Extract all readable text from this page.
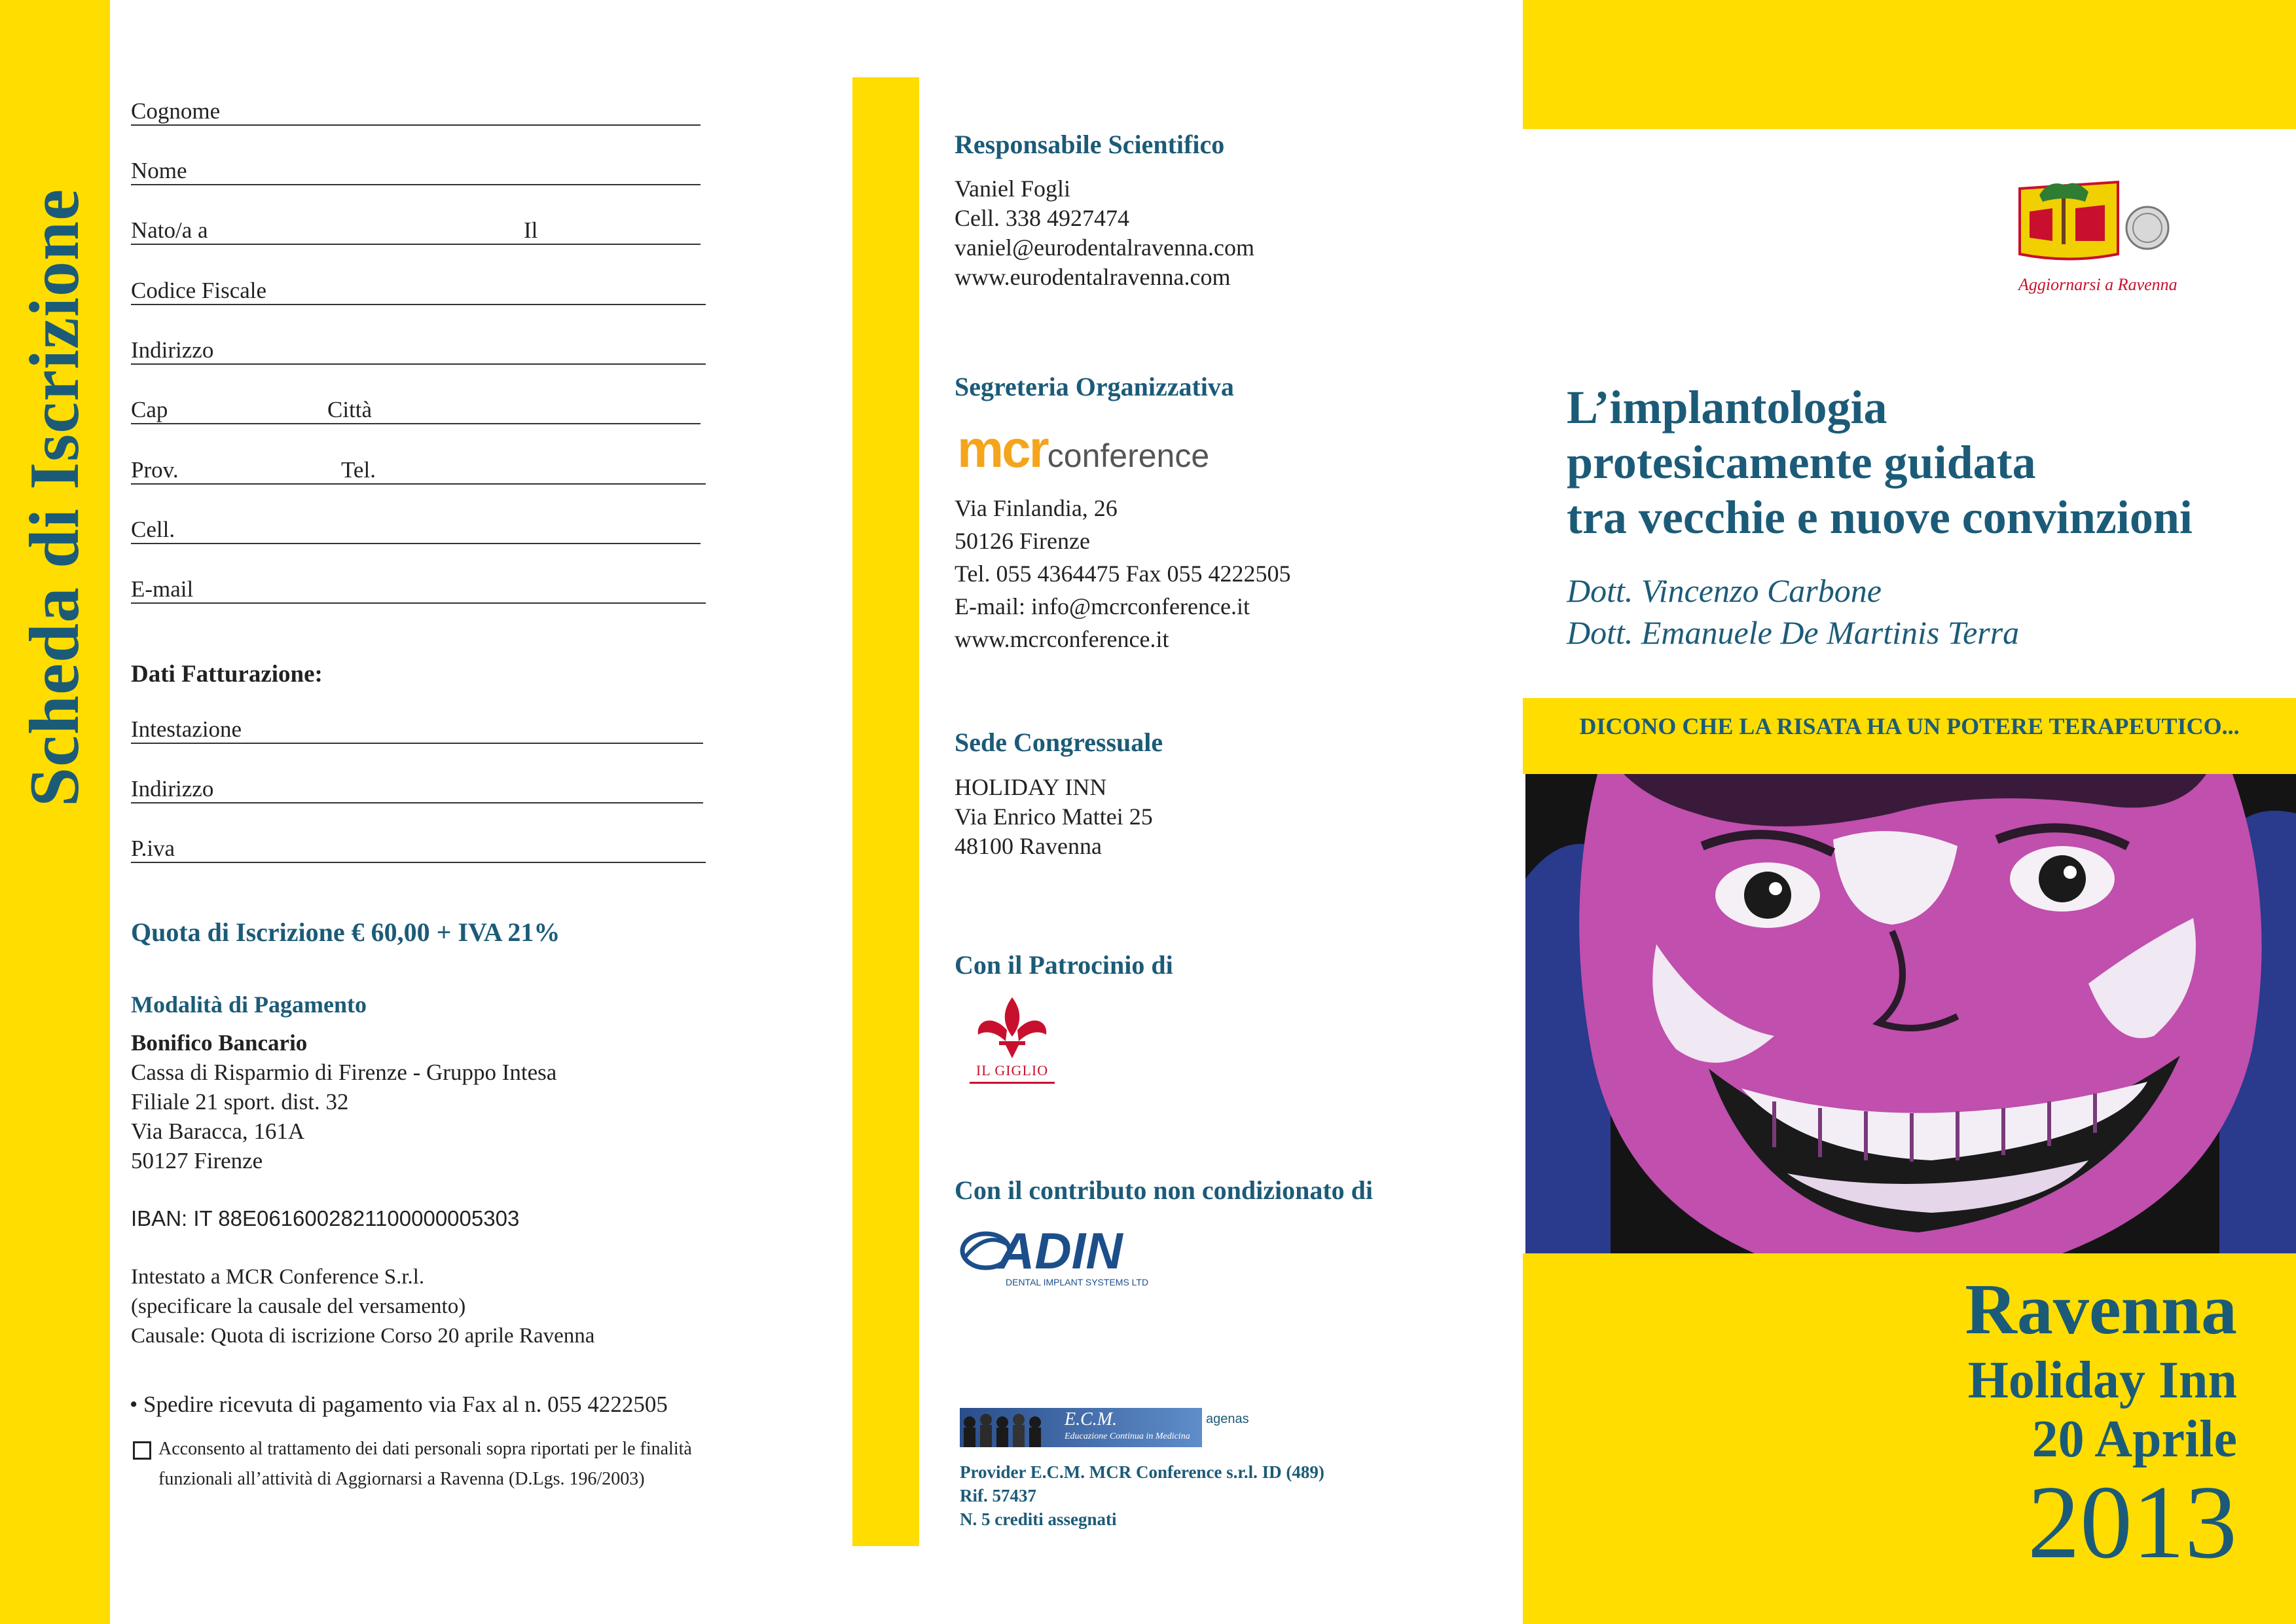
Scheda di Iscrizione
Cognome
Nome
Nato/a a	Il
Codice Fiscale
Indirizzo
Cap	Città
Prov.	Tel.
Cell.
E-mail
Dati Fatturazione:
Intestazione
Indirizzo
P.iva
Quota di Iscrizione € 60,00 + IVA 21%
Modalità di Pagamento
Bonifico Bancario
Cassa di Risparmio di Firenze - Gruppo Intesa
Filiale 21 sport. dist. 32
Via Baracca, 161A
50127 Firenze
IBAN: IT 88E0616002821100000005303
Intestato a MCR Conference S.r.l.
(specificare la causale del versamento)
Causale: Quota di iscrizione Corso 20 aprile Ravenna
• Spedire ricevuta di pagamento via Fax al n. 055 4222505
Acconsento al trattamento dei dati personali sopra riportati per le finalità
funzionali all’attività di Aggiornarsi a Ravenna (D.Lgs. 196/2003)
Responsabile Scientifico
Vaniel Fogli
Cell. 338 4927474
vaniel@eurodentalravenna.com
www.eurodentalravenna.com
Segreteria Organizzativa
mcrconference
Via Finlandia, 26
50126 Firenze
Tel. 055 4364475 Fax 055 4222505
E-mail: info@mcrconference.it
www.mcrconference.it
Sede Congressuale
HOLIDAY INN
Via Enrico Mattei 25
48100 Ravenna
Con il Patrocinio di
IL GIGLIO
Con il contributo non condizionato di
ADIN
DENTAL IMPLANT SYSTEMS LTD
E.C.M.
Educazione Continua in Medicina
agenas
Provider E.C.M. MCR Conference s.r.l. ID (489)
Rif. 57437
N. 5 crediti assegnati
Aggiornarsi a Ravenna
L’implantologia
protesicamente guidata
tra vecchie e nuove convinzioni
Dott. Vincenzo Carbone
Dott. Emanuele De Martinis Terra
DICONO CHE LA RISATA HA UN POTERE TERAPEUTICO...
Ravenna
Holiday Inn
20 Aprile
2013
